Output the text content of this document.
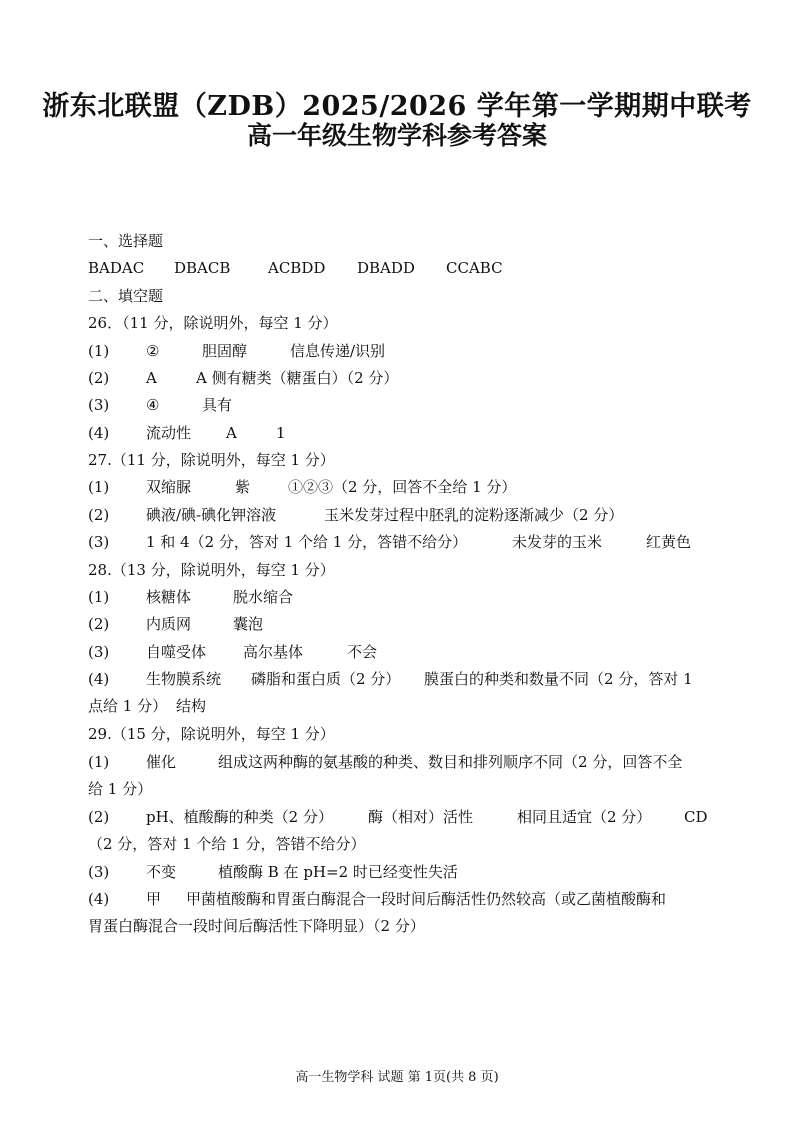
浙东北联盟（ZDB）2025/2026 学年第一学期期中联考
高一年级生物学科参考答案
一、选择题
BADAC DBACB	ACBDD DBADD CCABC
二、填空题
26．（11 分，除说明外，每空 1 分）
(1) ②	胆固醇	信息传递/识别
(2) A	A 侧有糖类（糖蛋白）（2 分）
(3) ④	具有
(4) 流动性 A	1
27.（11 分，除说明外，每空 1 分）
(1) 双缩脲	紫	①②③（2 分，回答不全给 1 分）
(2) 碘液/碘-碘化钾溶液	玉米发芽过程中胚乳的淀粉逐渐减少（2 分）
(3) 1 和 4（2 分，答对 1 个给 1 分，答错不给分）	未发芽的玉米	红黄色
28.（13 分，除说明外，每空 1 分）
(1) 核糖体	脱水缩合
(2) 内质网	囊泡
(3) 自噬受体 高尔基体	不会
(4) 生物膜系统 磷脂和蛋白质（2 分） 膜蛋白的种类和数量不同（2 分，答对 1
点给 1 分） 结构
29.（15 分，除说明外，每空 1 分）
(1) 催化	组成这两种酶的氨基酸的种类、数目和排列顺序不同（2 分，回答不全
给 1 分）
(2) pH、植酸酶的种类（2 分） 酶（相对）活性	相同且适宜（2 分） CD
（2 分，答对 1 个给 1 分，答错不给分）
(3) 不变	植酸酶 B 在 pH=2 时已经变性失活
(4) 甲 甲菌植酸酶和胃蛋白酶混合一段时间后酶活性仍然较高（或乙菌植酸酶和
胃蛋白酶混合一段时间后酶活性下降明显）（2 分）
高一生物学科 试题 第 1页(共 8 页)
